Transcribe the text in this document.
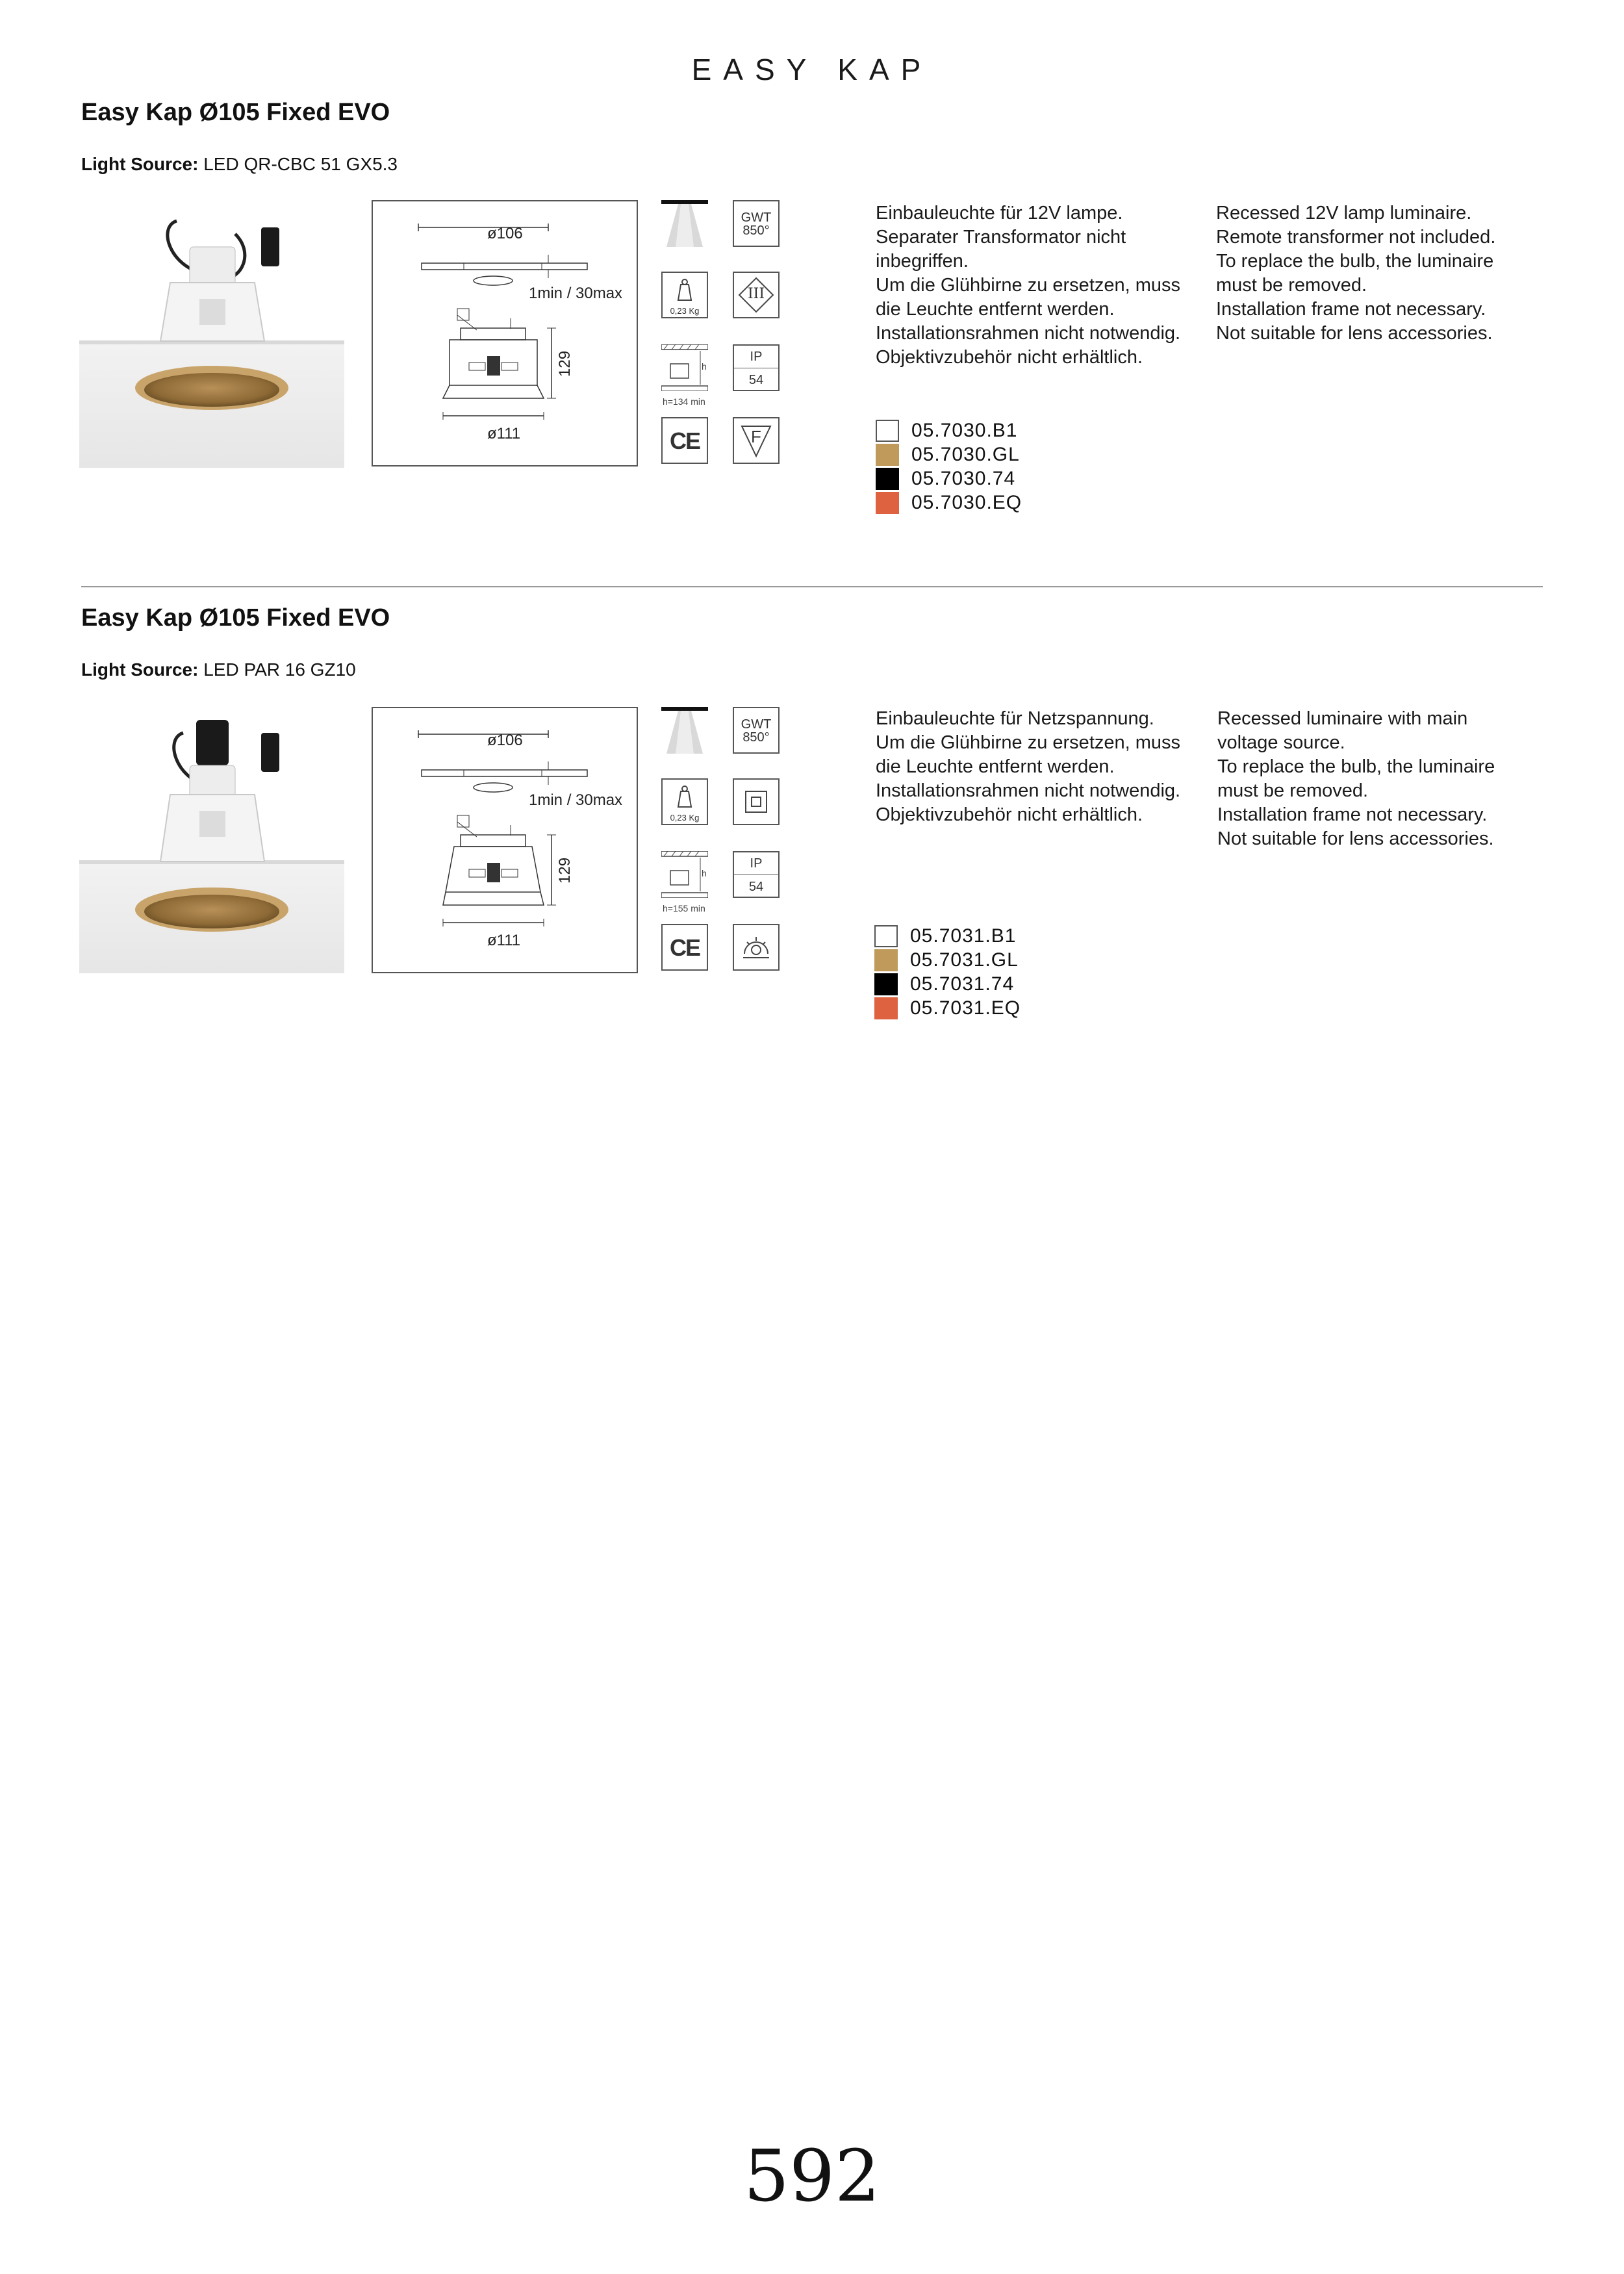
EASY KAP
Easy Kap Ø105 Fixed EVO
Light Source: LED QR-CBC 51 GX5.3
ø106
1min / 30max
129
ø111
GWT
850°
0,23 Kg
III
h
h=134 min
IP
54
CE	F
Einbauleuchte für 12V lampe.
Separater Transformator nicht
inbegriffen.
Um die Glühbirne zu ersetzen, muss
die Leuchte entfernt werden.
Installationsrahmen nicht notwendig.
Objektivzubehör nicht erhältlich.
Recessed 12V lamp luminaire.
Remote transformer not included.
To replace the bulb, the luminaire
must be removed.
Installation frame not necessary.
Not suitable for lens accessories.
05.7030.B1
05.7030.GL
05.7030.74
05.7030.EQ
Easy Kap Ø105 Fixed EVO
Light Source: LED PAR 16 GZ10
ø106
1min / 30max
129
ø111
GWT
850°
0,23 Kg
h
h=155 min
IP
54
CE
Einbauleuchte für Netzspannung.
Um die Glühbirne zu ersetzen, muss
die Leuchte entfernt werden.
Installationsrahmen nicht notwendig.
Objektivzubehör nicht erhältlich.
Recessed luminaire with main
voltage source.
To replace the bulb, the luminaire
must be removed.
Installation frame not necessary.
Not suitable for lens accessories.
05.7031.B1
05.7031.GL
05.7031.74
05.7031.EQ
592
